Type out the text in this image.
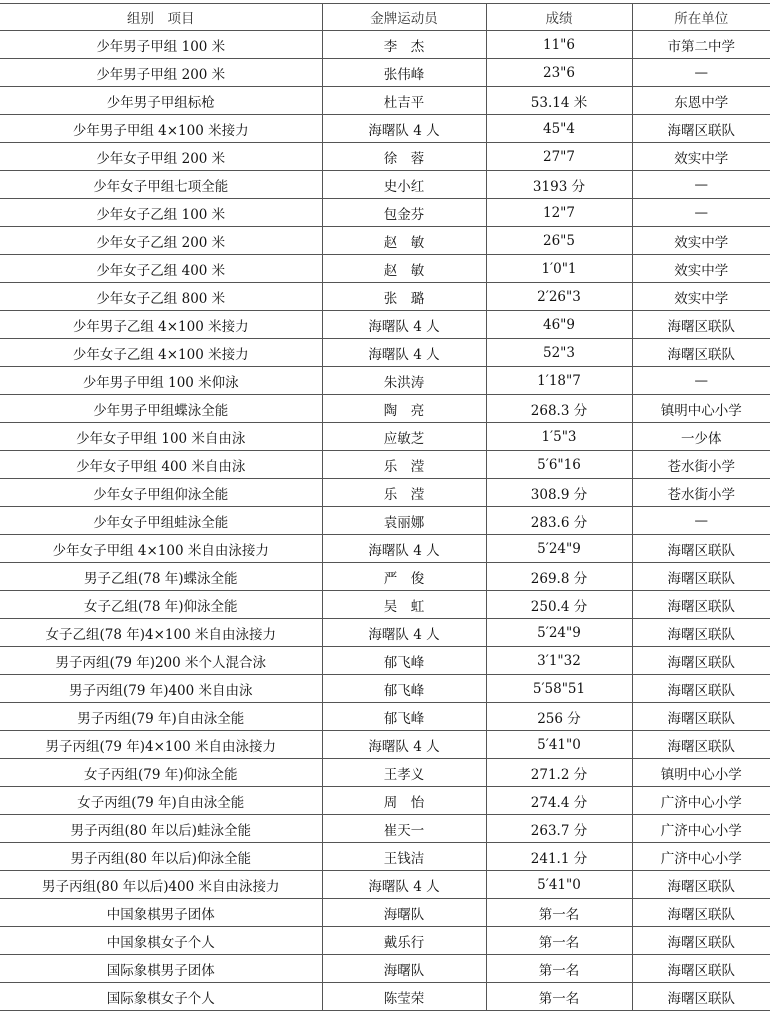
组别　项目	金牌运动员	成绩	所在单位
少年男子甲组 100 米	李　杰	11"6	市第二中学
少年男子甲组 200 米	张伟峰	23"6	—
少年男子甲组标枪	杜吉平	53.14 米	东恩中学
少年男子甲组 4×100 米接力	海曙队 4 人	45"4	海曙区联队
少年女子甲组 200 米	徐　蓉	27"7	效实中学
少年女子甲组七项全能	史小红	3193 分	—
少年女子乙组 100 米	包金芬	12"7	—
少年女子乙组 200 米	赵　敏	26"5	效实中学
少年女子乙组 400 米	赵　敏	1′0"1	效实中学
少年女子乙组 800 米	张　璐	2′26"3	效实中学
少年男子乙组 4×100 米接力	海曙队 4 人	46"9	海曙区联队
少年女子乙组 4×100 米接力	海曙队 4 人	52"3	海曙区联队
少年男子甲组 100 米仰泳	朱洪涛	1′18"7	—
少年男子甲组蝶泳全能	陶　亮	268.3 分	镇明中心小学
少年女子甲组 100 米自由泳	应敏芝	1′5"3	一少体
少年女子甲组 400 米自由泳	乐　滢	5′6"16	苍水街小学
少年女子甲组仰泳全能	乐　滢	308.9 分	苍水街小学
少年女子甲组蛙泳全能	袁丽娜	283.6 分	—
少年女子甲组 4×100 米自由泳接力	海曙队 4 人	5′24"9	海曙区联队
男子乙组(78 年)蝶泳全能	严　俊	269.8 分	海曙区联队
女子乙组(78 年)仰泳全能	吴　虹	250.4 分	海曙区联队
女子乙组(78 年)4×100 米自由泳接力	海曙队 4 人	5′24"9	海曙区联队
男子丙组(79 年)200 米个人混合泳	郁飞峰	3′1"32	海曙区联队
男子丙组(79 年)400 米自由泳	郁飞峰	5′58"51	海曙区联队
男子丙组(79 年)自由泳全能	郁飞峰	256 分	海曙区联队
男子丙组(79 年)4×100 米自由泳接力	海曙队 4 人	5′41"0	海曙区联队
女子丙组(79 年)仰泳全能	王孝义	271.2 分	镇明中心小学
女子丙组(79 年)自由泳全能	周　怡	274.4 分	广济中心小学
男子丙组(80 年以后)蛙泳全能	崔天一	263.7 分	广济中心小学
男子丙组(80 年以后)仰泳全能	王钱洁	241.1 分	广济中心小学
男子丙组(80 年以后)400 米自由泳接力	海曙队 4 人	5′41"0	海曙区联队
中国象棋男子团体	海曙队	第一名	海曙区联队
中国象棋女子个人	戴乐行	第一名	海曙区联队
国际象棋男子团体	海曙队	第一名	海曙区联队
国际象棋女子个人	陈莹荣	第一名	海曙区联队
